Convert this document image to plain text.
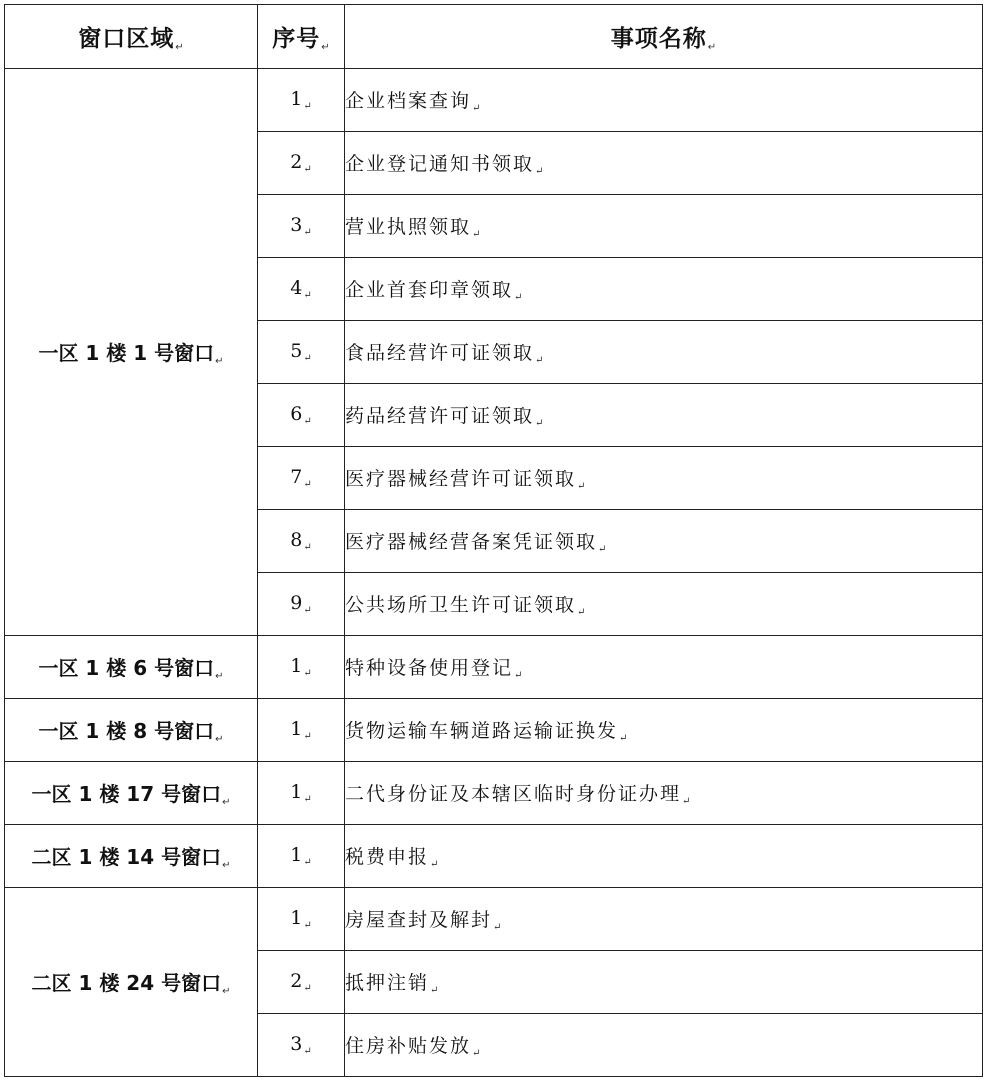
窗口区域↵	序号↵	事项名称↵
一区 1 楼 1 号窗口$_↵$	$1_↵$	企业档案查询$_↵$
	$2_↵$	企业登记通知书领取$_↵$
	$3_↵$	营业执照领取$_↵$
	$4_↵$	企业首套印章领取$_↵$
	$5_↵$	食品经营许可证领取$_↵$
	$6_↵$	药品经营许可证领取$_↵$
	$7_↵$	医疗器械经营许可证领取$_↵$
	$8_↵$	医疗器械经营备案凭证领取$_↵$
	$9_↵$	公共场所卫生许可证领取$_↵$
一区 1 楼 6 号窗口$_↵$	$1_↵$	特种设备使用登记$_↵$
一区 1 楼 8 号窗口$_↵$	$1_↵$	货物运输车辆道路运输证换发$_↵$
一区 1 楼 17 号窗口$_↵$	$1_↵$	二代身份证及本辖区临时身份证办理$_↵$
二区 1 楼 14 号窗口$_↵$	$1_↵$	税费申报$_↵$
二区 1 楼 24 号窗口$_↵$	$1_↵$	房屋查封及解封$_↵$
	$2_↵$	抵押注销$_↵$
	$3_↵$	住房补贴发放$_↵$
